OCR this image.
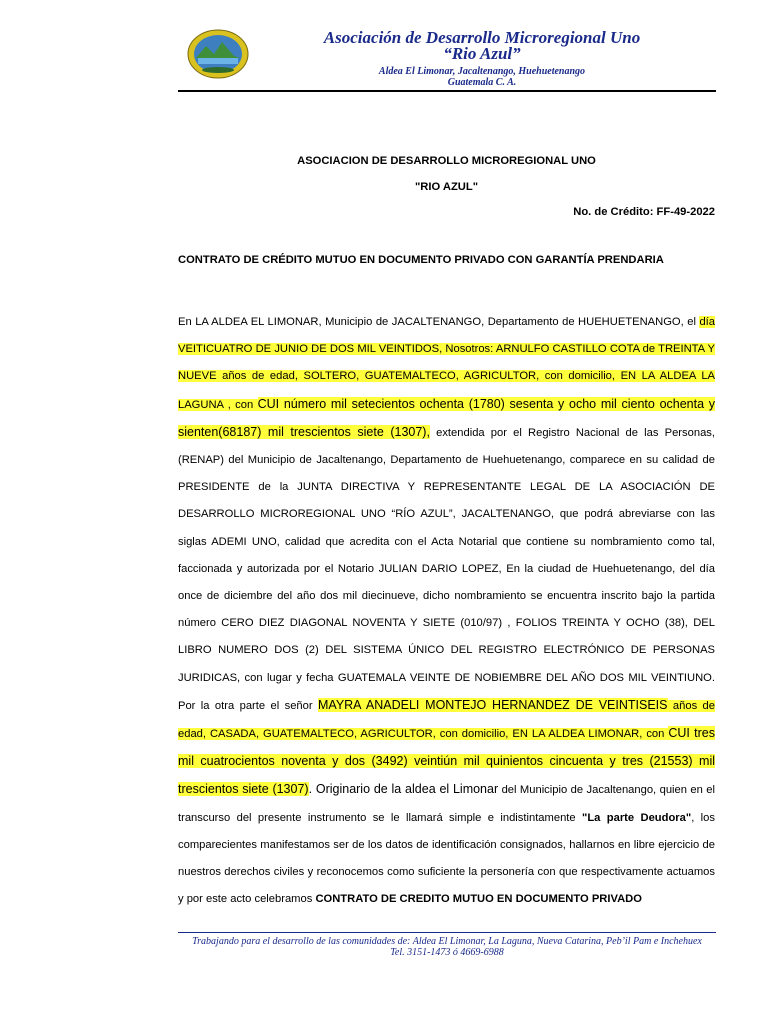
Asociación de Desarrollo Microregional Uno
“Rio Azul”
Aldea El Limonar, Jacaltenango, Huehuetenango
Guatemala C. A.
ASOCIACION DE DESARROLLO MICROREGIONAL UNO
"RIO AZUL"
No. de Crédito: FF-49-2022
CONTRATO DE CRÉDITO MUTUO EN DOCUMENTO PRIVADO CON GARANTÍA PRENDARIA
En LA ALDEA EL LIMONAR, Municipio de JACALTENANGO, Departamento de HUEHUETENANGO, el día VEITICUATRO DE JUNIO DE DOS MIL VEINTIDOS, Nosotros: ARNULFO CASTILLO COTA de TREINTA Y NUEVE años de edad, SOLTERO, GUATEMALTECO, AGRICULTOR, con domicilio, EN LA ALDEA LA LAGUNA , con CUI número mil setecientos ochenta (1780) sesenta y ocho mil ciento ochenta y sienten(68187) mil trescientos siete (1307), extendida por el Registro Nacional de las Personas, (RENAP) del Municipio de Jacaltenango, Departamento de Huehuetenango, comparece en su calidad de PRESIDENTE de la JUNTA DIRECTIVA Y REPRESENTANTE LEGAL DE LA ASOCIACIÓN DE DESARROLLO MICROREGIONAL UNO “RÍO AZUL”, JACALTENANGO, que podrá abreviarse con las siglas ADEMI UNO, calidad que acredita con el Acta Notarial que contiene su nombramiento como tal, faccionada y autorizada por el Notario JULIAN DARIO LOPEZ, En la ciudad de Huehuetenango, del día once de diciembre del año dos mil diecinueve, dicho nombramiento se encuentra inscrito bajo la partida número CERO DIEZ DIAGONAL NOVENTA Y SIETE (010/97) , FOLIOS TREINTA Y OCHO (38), DEL LIBRO NUMERO DOS (2) DEL SISTEMA ÚNICO DEL REGISTRO ELECTRÓNICO DE PERSONAS JURIDICAS, con lugar y fecha GUATEMALA VEINTE DE NOBIEMBRE DEL AÑO DOS MIL VEINTIUNO. Por la otra parte el señor MAYRA ANADELI MONTEJO HERNANDEZ DE VEINTISEIS años de edad, CASADA, GUATEMALTECO, AGRICULTOR, con domicilio, EN LA ALDEA LIMONAR, con CUI tres mil cuatrocientos noventa y dos (3492) veintiún mil quinientos cincuenta y tres (21553) mil trescientos siete (1307). Originario de la aldea el Limonar del Municipio de Jacaltenango, quien en el transcurso del presente instrumento se le llamará simple e indistintamente "La parte Deudora", los comparecientes manifestamos ser de los datos de identificación consignados, hallarnos en libre ejercicio de nuestros derechos civiles y reconocemos como suficiente la personería con que respectivamente actuamos y por este acto celebramos CONTRATO DE CREDITO MUTUO EN DOCUMENTO PRIVADO
Trabajando para el desarrollo de las comunidades de: Aldea El Limonar, La Laguna, Nueva Catarina, Peb’il Pam e Inchehuex
Tel. 3151-1473 ó 4669-6988
